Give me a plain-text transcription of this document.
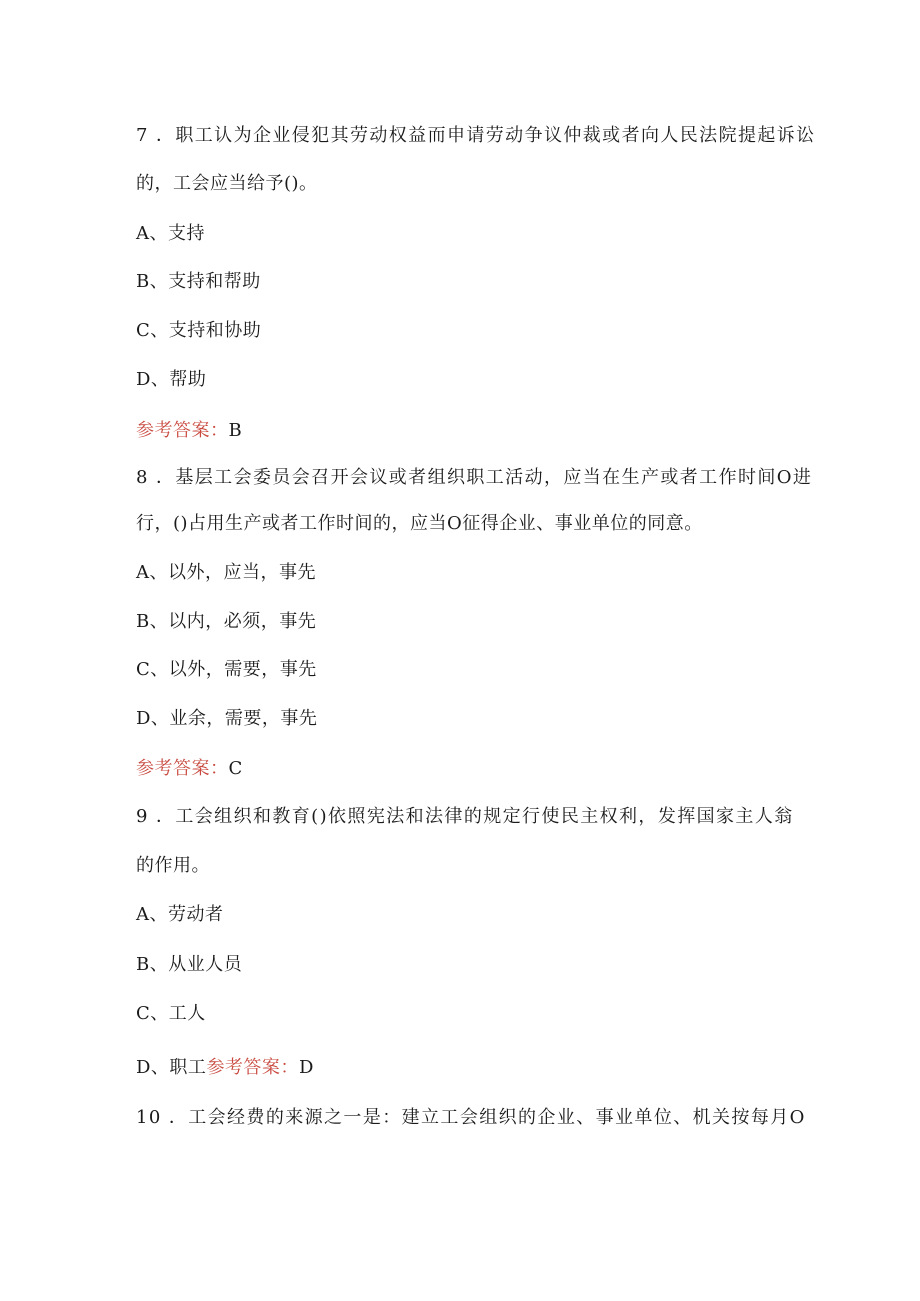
7 ．职工认为企业侵犯其劳动权益而申请劳动争议仲裁或者向人民法院提起诉讼
的，工会应当给予()。
A、支持
B、支持和帮助
C、支持和协助
D、帮助
参考答案：B
8 ．基层工会委员会召开会议或者组织职工活动，应当在生产或者工作时间O进
行，()占用生产或者工作时间的，应当O征得企业、事业单位的同意。
A、以外，应当，事先
B、以内，必须，事先
C、以外，需要，事先
D、业余，需要，事先
参考答案：C
9 ．工会组织和教育()依照宪法和法律的规定行使民主权利，发挥国家主人翁
的作用。
A、劳动者
B、从业人员
C、工人
D、职工参考答案：D
10 ．工会经费的来源之一是：建立工会组织的企业、事业单位、机关按每月O
